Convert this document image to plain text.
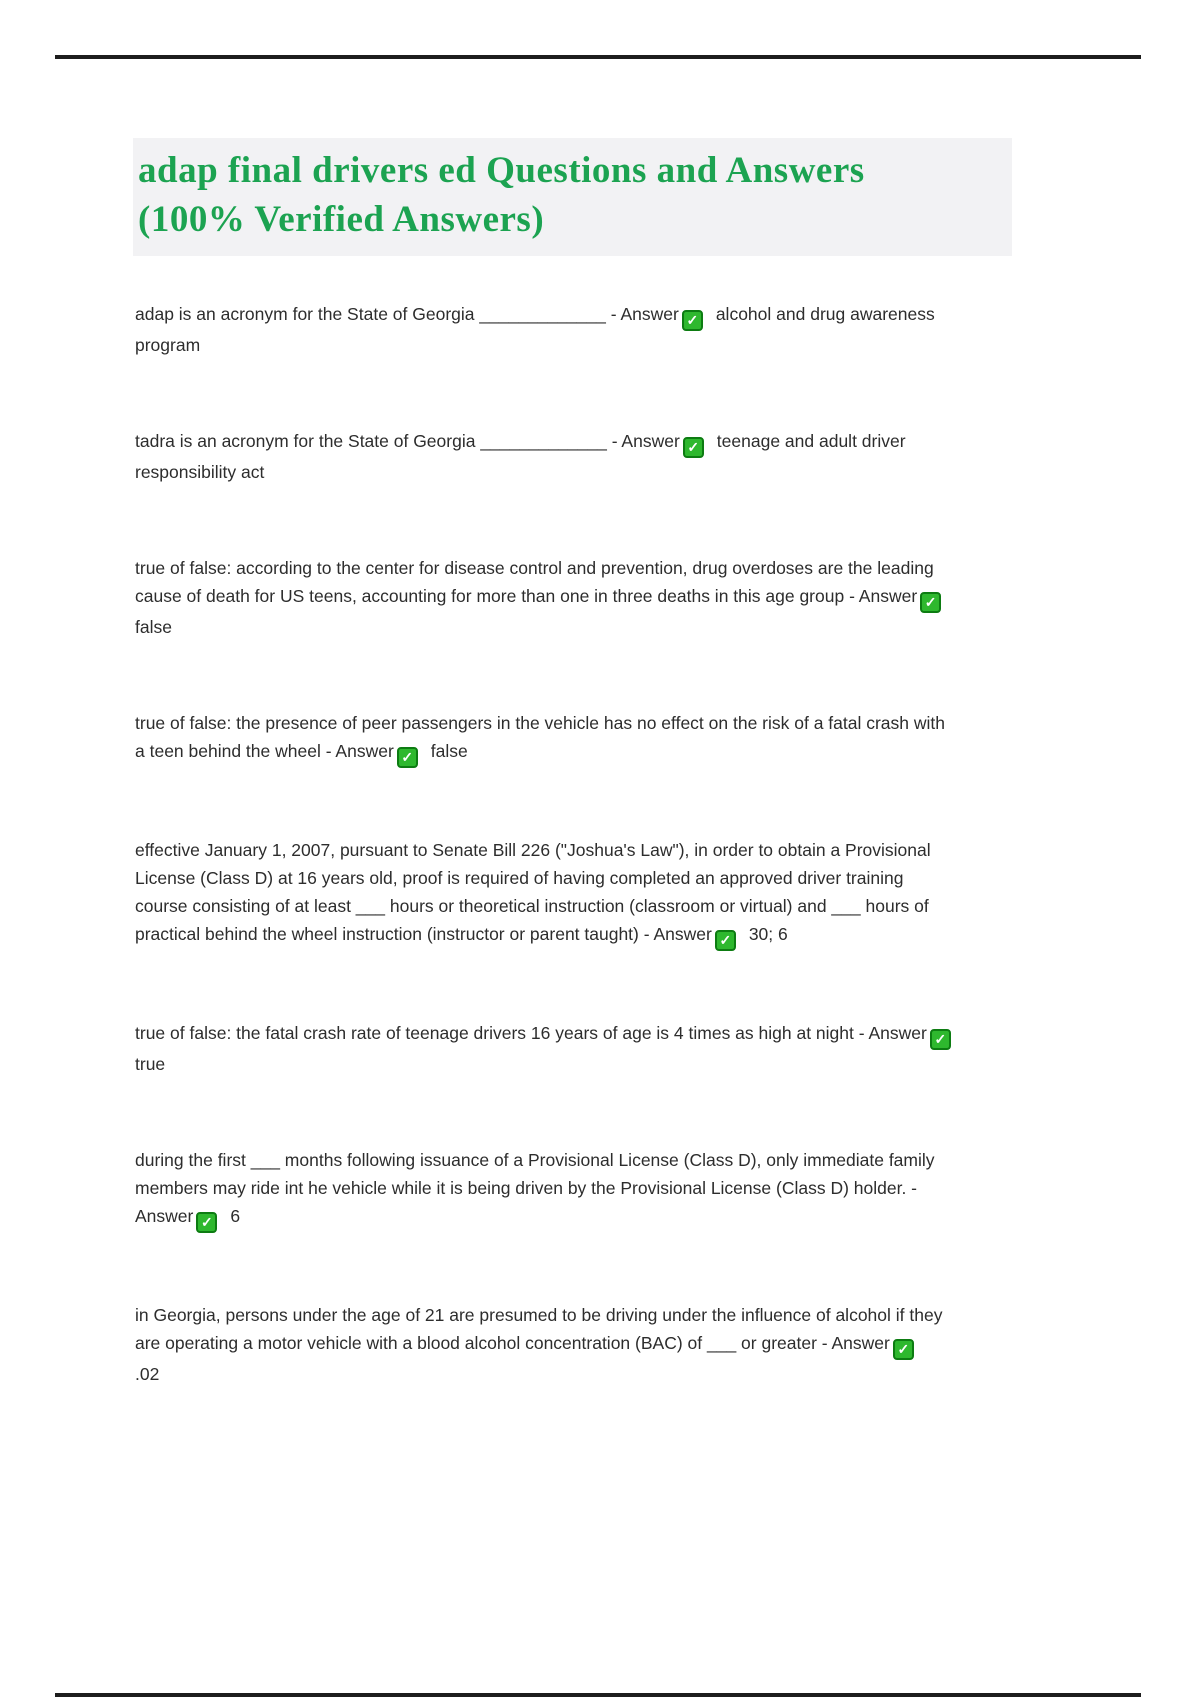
adap final drivers ed Questions and Answers
(100% Verified Answers)
adap is an acronym for the State of Georgia _____________ - Answer ✓ alcohol and drug awareness
program
tadra is an acronym for the State of Georgia _____________ - Answer ✓ teenage and adult driver
responsibility act
true of false: according to the center for disease control and prevention, drug overdoses are the leading
cause of death for US teens, accounting for more than one in three deaths in this age group - Answer ✓
false
true of false: the presence of peer passengers in the vehicle has no effect on the risk of a fatal crash with
a teen behind the wheel - Answer ✓ false
effective January 1, 2007, pursuant to Senate Bill 226 ("Joshua's Law"), in order to obtain a Provisional
License (Class D) at 16 years old, proof is required of having completed an approved driver training
course consisting of at least ___ hours or theoretical instruction (classroom or virtual) and ___ hours of
practical behind the wheel instruction (instructor or parent taught) - Answer ✓ 30; 6
true of false: the fatal crash rate of teenage drivers 16 years of age is 4 times as high at night - Answer ✓
true
during the first ___ months following issuance of a Provisional License (Class D), only immediate family
members may ride int he vehicle while it is being driven by the Provisional License (Class D) holder. -
Answer ✓ 6
in Georgia, persons under the age of 21 are presumed to be driving under the influence of alcohol if they
are operating a motor vehicle with a blood alcohol concentration (BAC) of ___ or greater - Answer ✓
.02
